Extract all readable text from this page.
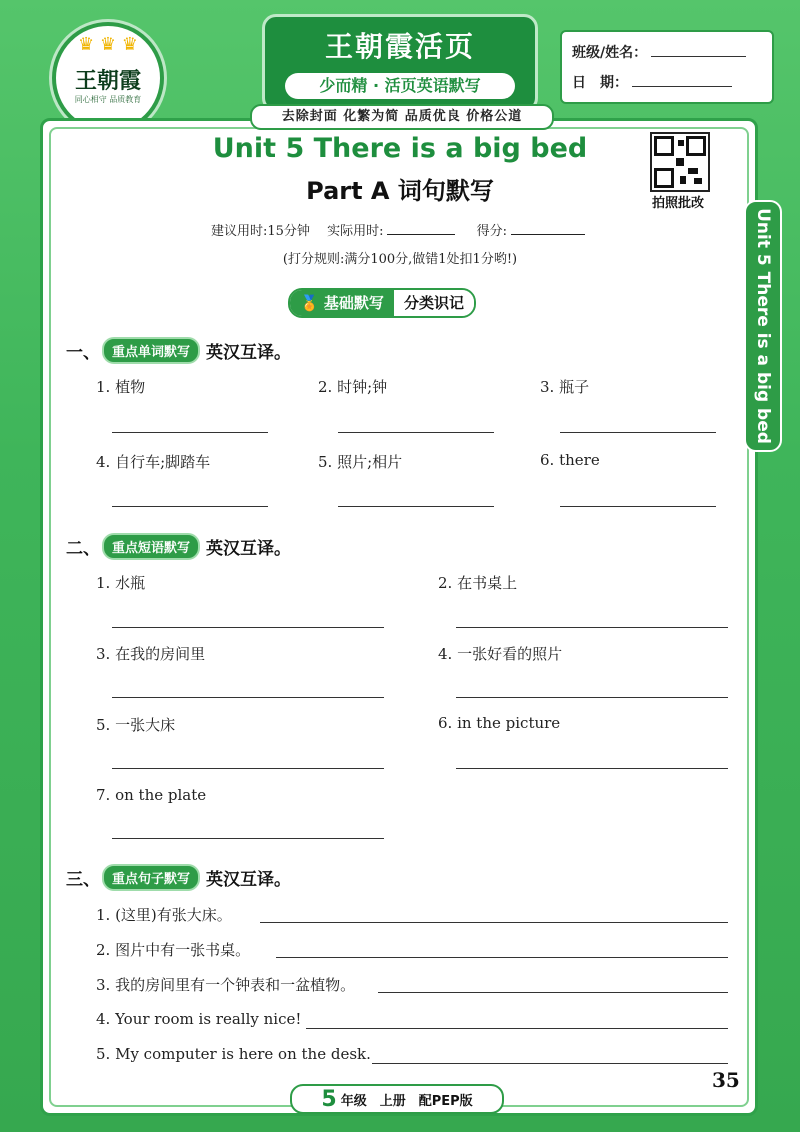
♛ ♛ ♛
王朝霞
同心相守 品质教育
王朝霞活页
少而精 · 活页英语默写
班级/姓名：
日　期：
去除封面 化繁为简 品质优良 价格公道
Unit 5 There is a big bed
Unit 5 There is a big bed
Part A 词句默写	拍照批改
建议用时:15分钟　 实际用时:　	得分:
(打分规则:满分100分,做错1处扣1分哟!)
🏅 基础默写	分类识记
一、 重点单词默写 英汉互译。
1. 植物	2. 时钟;钟	3. 瓶子
4. 自行车;脚踏车	5. 照片;相片	6. there
二、 重点短语默写 英汉互译。
1. 水瓶	2. 在书桌上
3. 在我的房间里	4. 一张好看的照片
5. 一张大床	6. in the picture
7. on the plate
三、 重点句子默写 英汉互译。
1. (这里)有张大床。
2. 图片中有一张书桌。
3. 我的房间里有一个钟表和一盆植物。
4. Your room is really nice!
5. My computer is here on the desk.
5 年级　上册　配PEP版
35
